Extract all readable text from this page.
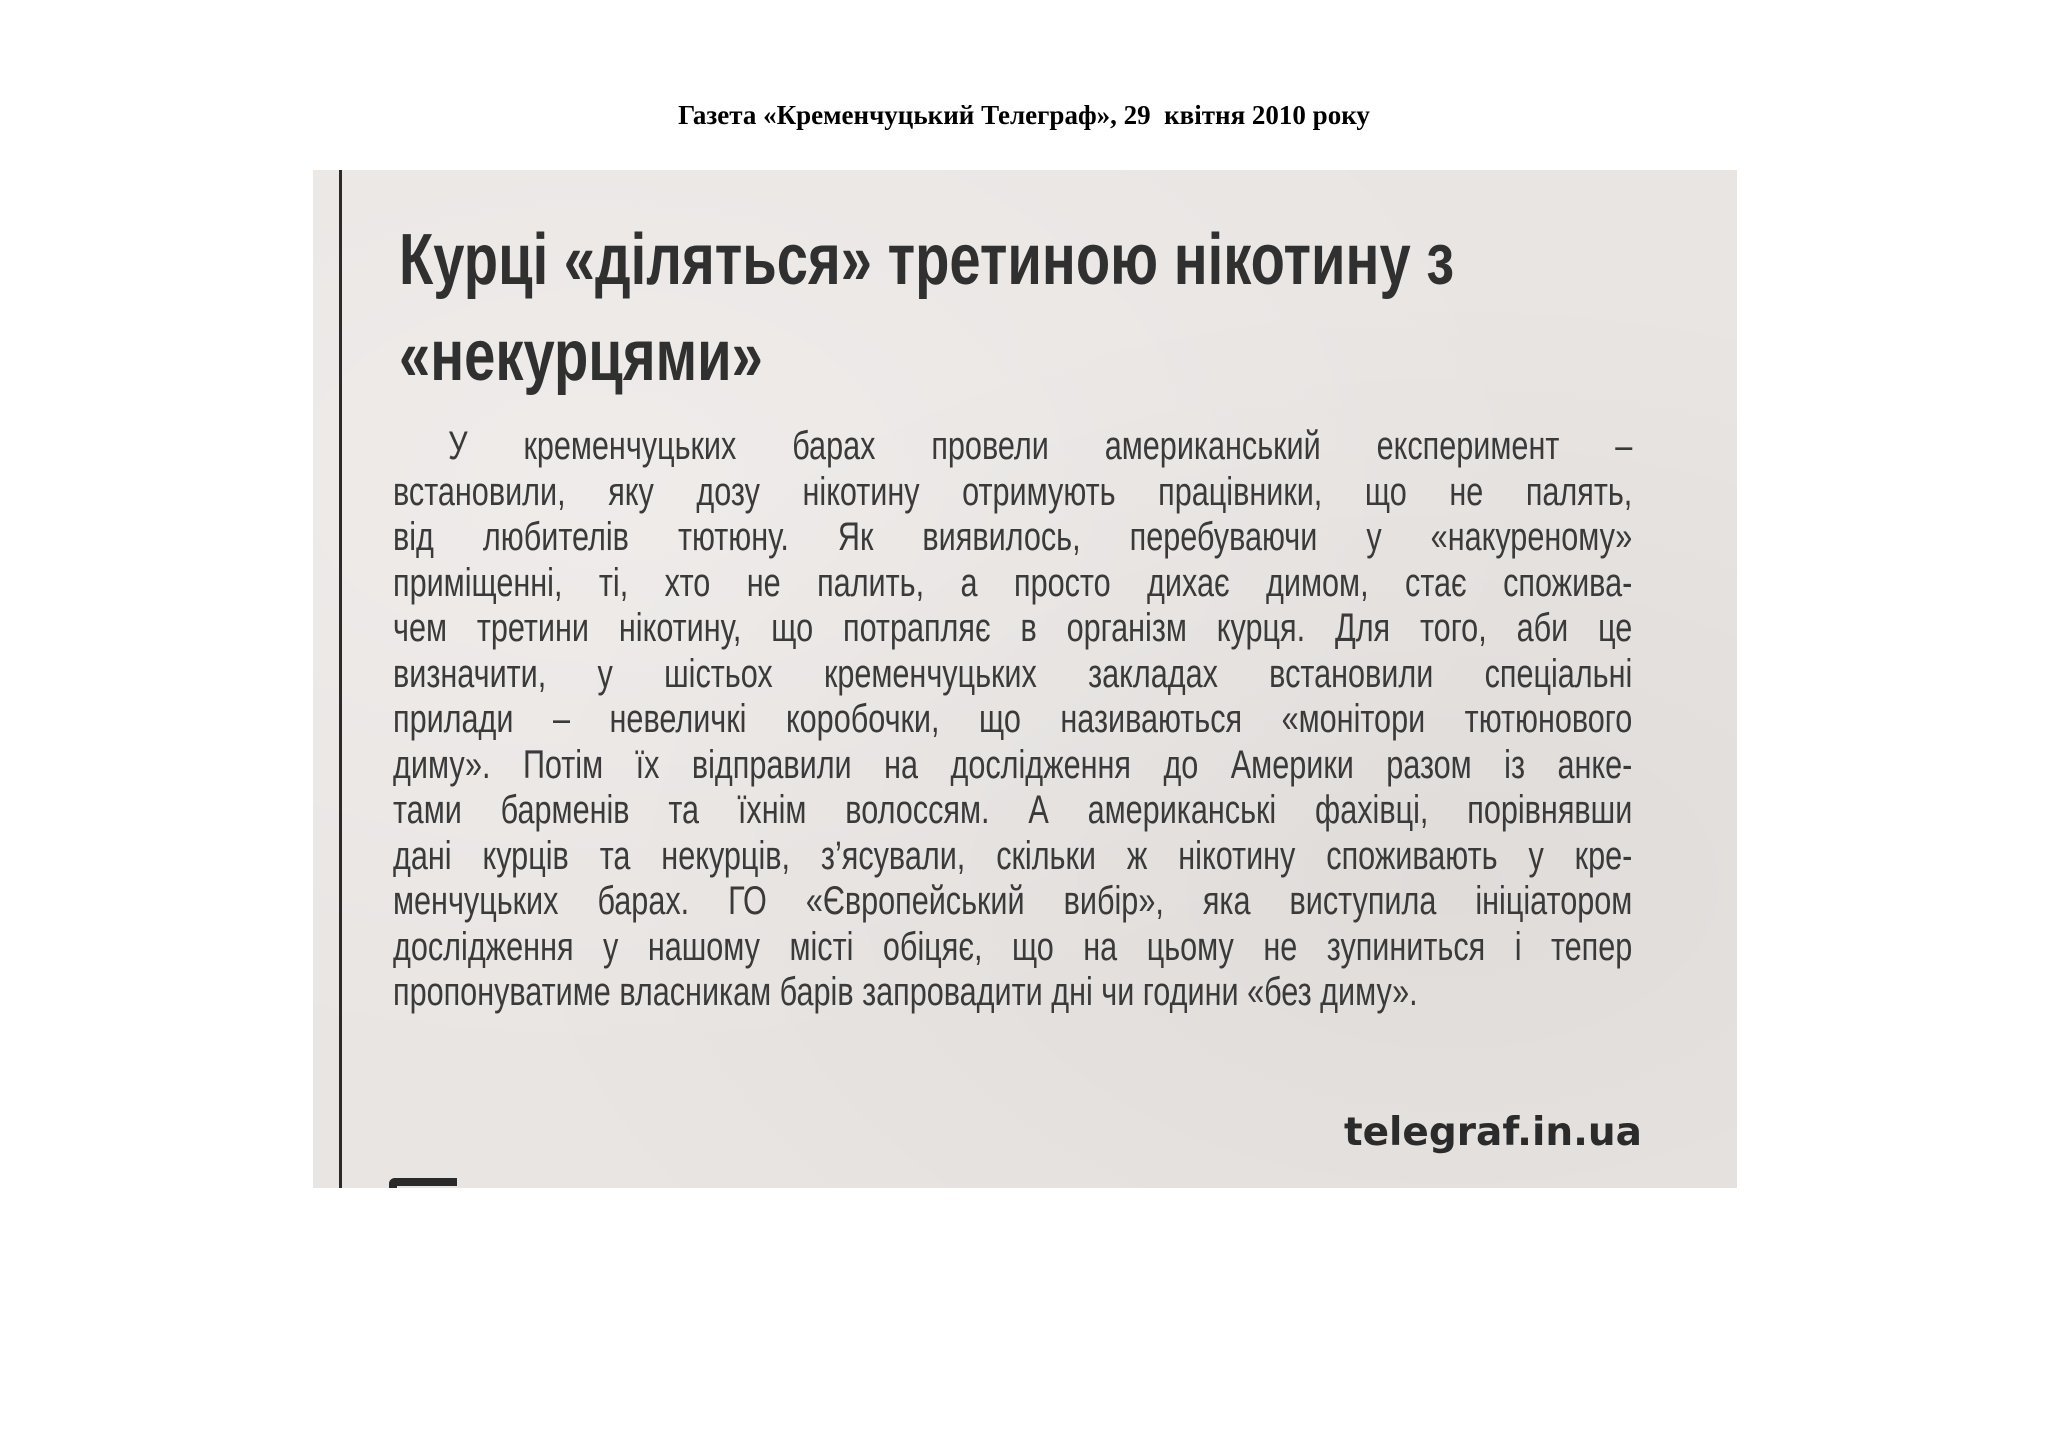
Газета «Кременчуцький Телеграф», 29  квітня 2010 року
Курці «діляться» третиною нікотину з
«некурцями»
У кременчуцьких барах провели американський експеримент –
встановили, яку дозу нікотину отримують працівники, що не палять,
від любителів тютюну. Як виявилось, перебуваючи у «накуреному»
приміщенні, ті, хто не палить, а просто дихає димом, стає спожива-
чем третини нікотину, що потрапляє в організм курця. Для того, аби це
визначити, у шістьох кременчуцьких закладах встановили спеціальні
прилади – невеличкі коробочки, що називаються «монітори тютюнового
диму». Потім їх відправили на дослідження до Америки разом із анке-
тами барменів та їхнім волоссям. А американські фахівці, порівнявши
дані курців та некурців, з’ясували, скільки ж нікотину споживають у кре-
менчуцьких барах. ГО «Європейський вибір», яка виступила ініціатором
дослідження у нашому місті обіцяє, що на цьому не зупиниться і тепер
пропонуватиме власникам барів запровадити дні чи години «без диму».
telegraf.in.ua
